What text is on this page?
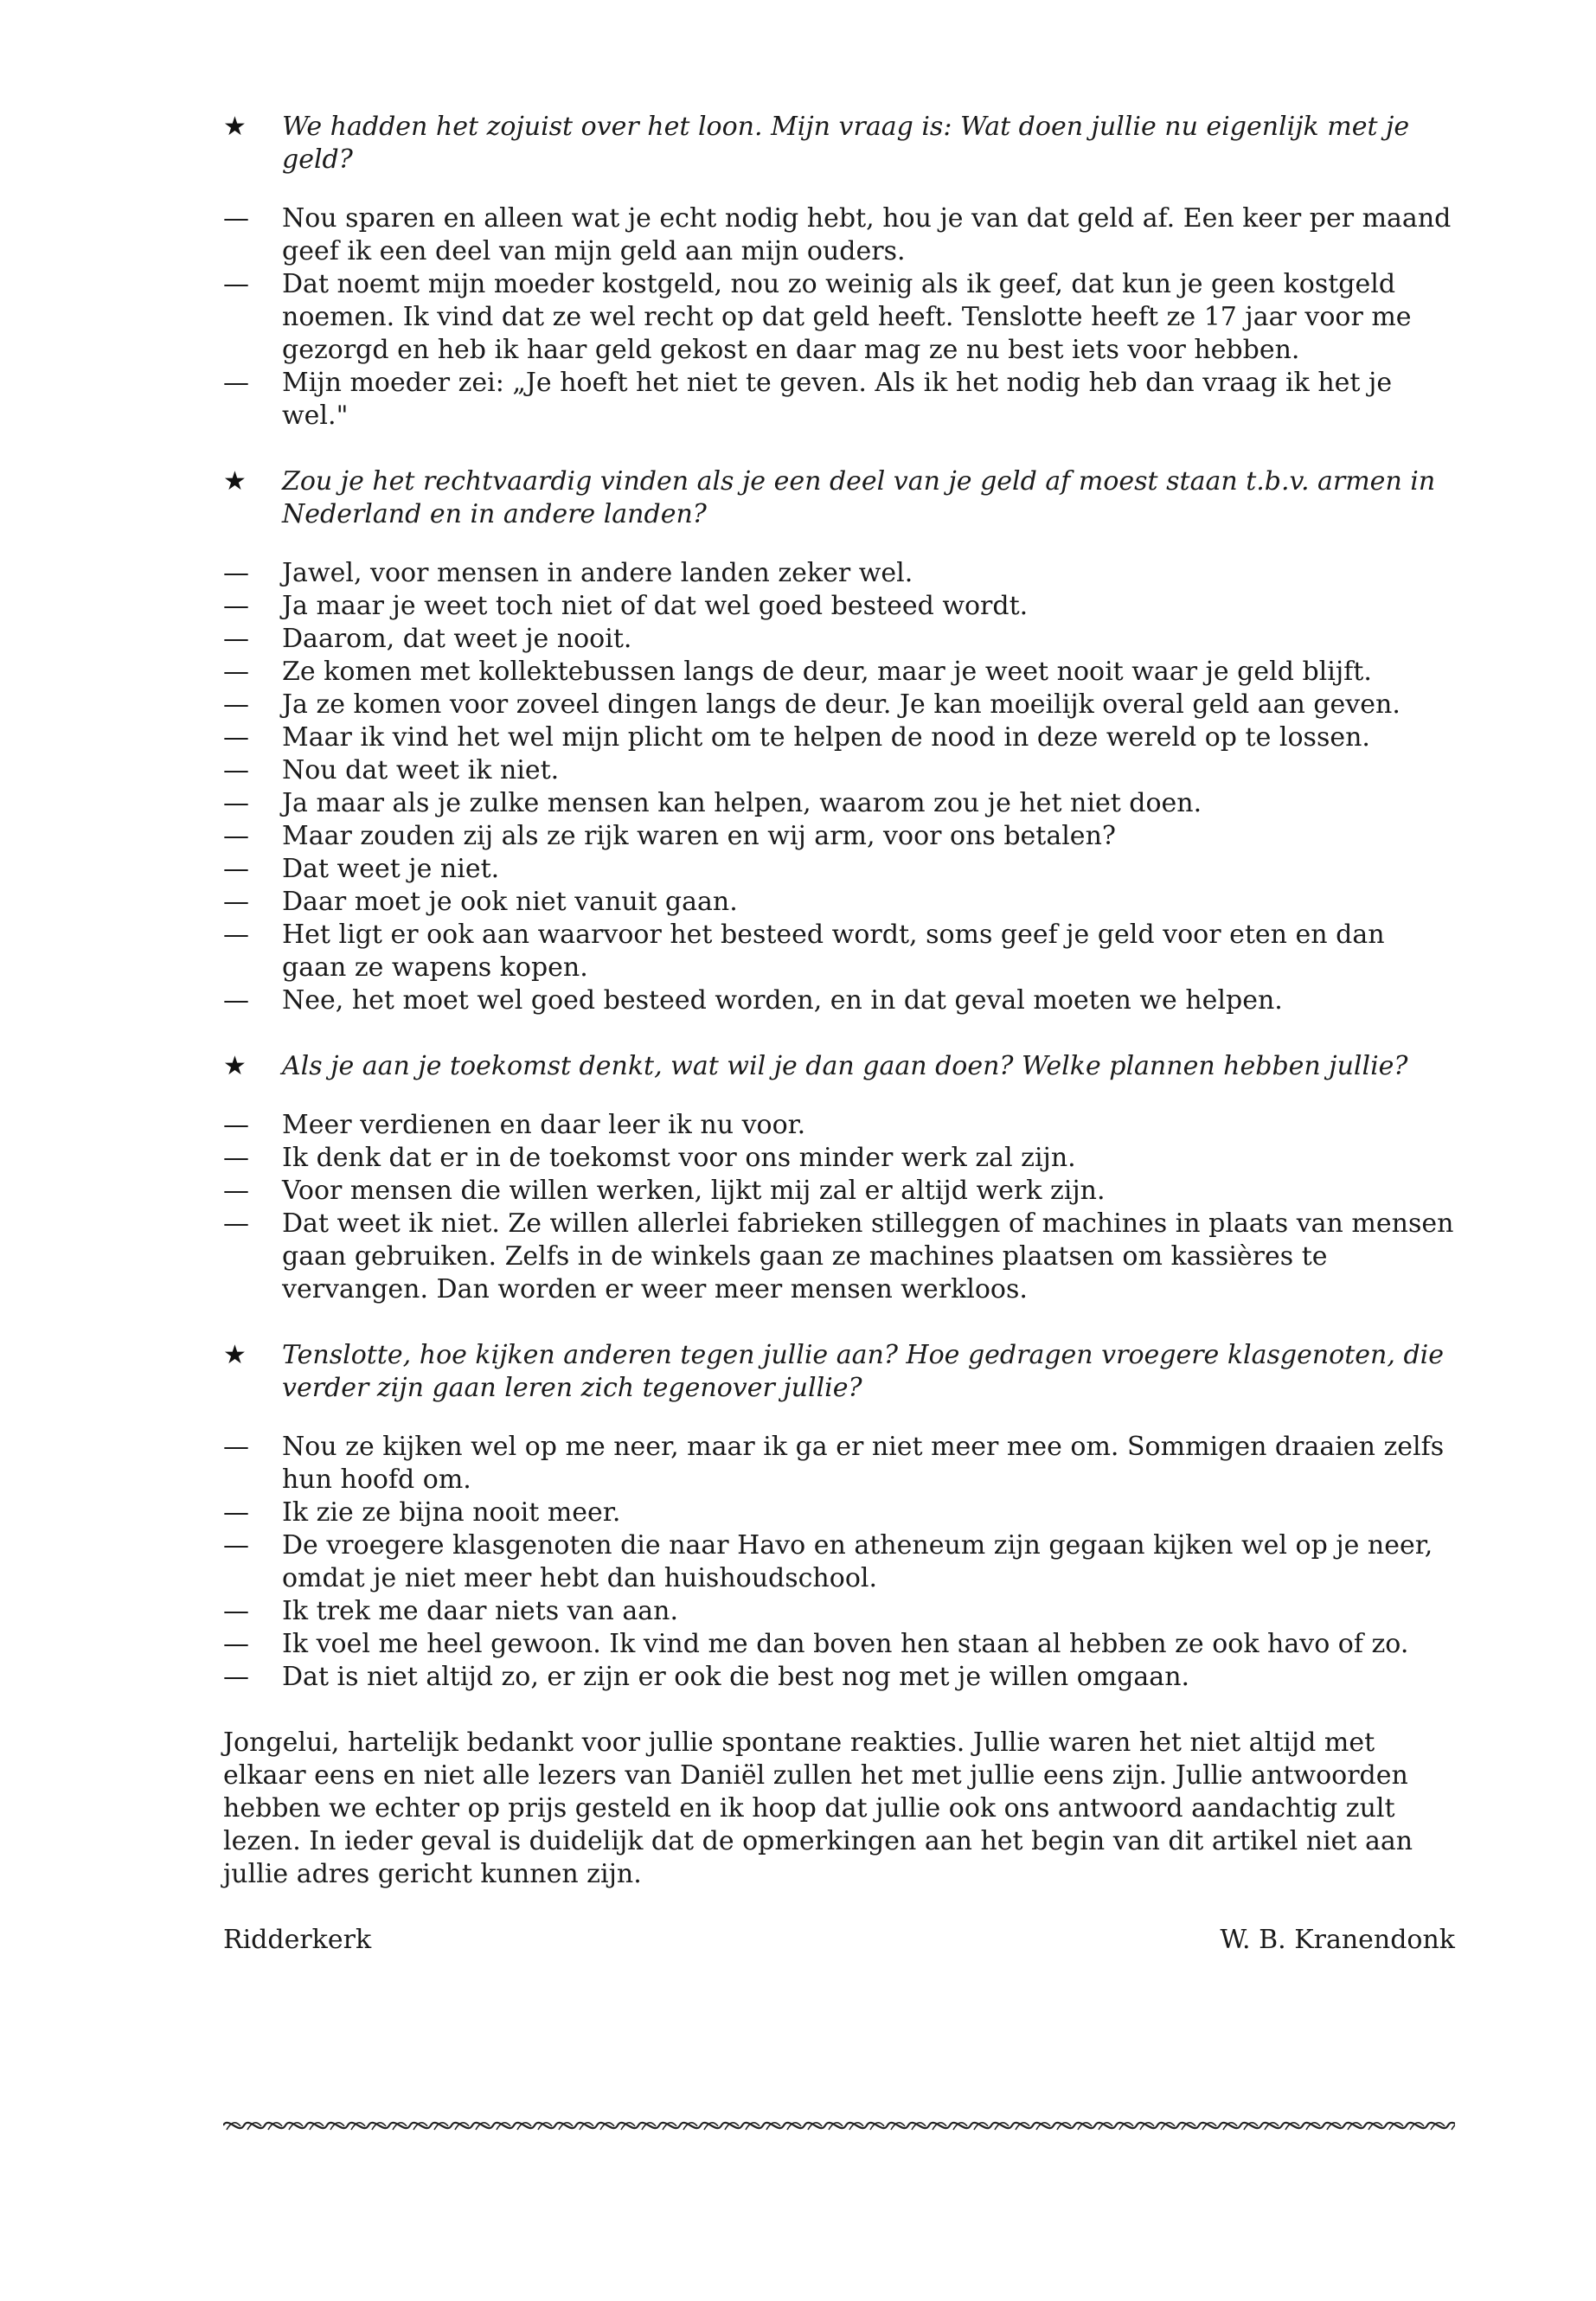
★	We hadden het zojuist over het loon. Mijn vraag is: Wat doen jullie nu eigenlijk met je geld?
—	Nou sparen en alleen wat je echt nodig hebt, hou je van dat geld af. Een keer per maand geef ik een deel van mijn geld aan mijn ouders.
—	Dat noemt mijn moeder kostgeld, nou zo weinig als ik geef, dat kun je geen kostgeld noemen. Ik vind dat ze wel recht op dat geld heeft. Tenslotte heeft ze 17 jaar voor me gezorgd en heb ik haar geld gekost en daar mag ze nu best iets voor hebben.
—	Mijn moeder zei: „Je hoeft het niet te geven. Als ik het nodig heb dan vraag ik het je wel."
★	Zou je het rechtvaardig vinden als je een deel van je geld af moest staan t.b.v. armen in Nederland en in andere landen?
—	Jawel, voor mensen in andere landen zeker wel.
—	Ja maar je weet toch niet of dat wel goed besteed wordt.
—	Daarom, dat weet je nooit.
—	Ze komen met kollektebussen langs de deur, maar je weet nooit waar je geld blijft.
—	Ja ze komen voor zoveel dingen langs de deur. Je kan moeilijk overal geld aan geven.
—	Maar ik vind het wel mijn plicht om te helpen de nood in deze wereld op te lossen.
—	Nou dat weet ik niet.
—	Ja maar als je zulke mensen kan helpen, waarom zou je het niet doen.
—	Maar zouden zij als ze rijk waren en wij arm, voor ons betalen?
—	Dat weet je niet.
—	Daar moet je ook niet vanuit gaan.
—	Het ligt er ook aan waarvoor het besteed wordt, soms geef je geld voor eten en dan gaan ze wapens kopen.
—	Nee, het moet wel goed besteed worden, en in dat geval moeten we helpen.
★	Als je aan je toekomst denkt, wat wil je dan gaan doen? Welke plannen hebben jullie?
—	Meer verdienen en daar leer ik nu voor.
—	Ik denk dat er in de toekomst voor ons minder werk zal zijn.
—	Voor mensen die willen werken, lijkt mij zal er altijd werk zijn.
—	Dat weet ik niet. Ze willen allerlei fabrieken stilleggen of machines in plaats van mensen gaan gebruiken. Zelfs in de winkels gaan ze machines plaatsen om kassières te vervangen. Dan worden er weer meer mensen werkloos.
★	Tenslotte, hoe kijken anderen tegen jullie aan? Hoe gedragen vroegere klasgenoten, die verder zijn gaan leren zich tegenover jullie?
—	Nou ze kijken wel op me neer, maar ik ga er niet meer mee om. Sommigen draaien zelfs hun hoofd om.
—	Ik zie ze bijna nooit meer.
—	De vroegere klasgenoten die naar Havo en atheneum zijn gegaan kijken wel op je neer, omdat je niet meer hebt dan huishoudschool.
—	Ik trek me daar niets van aan.
—	Ik voel me heel gewoon. Ik vind me dan boven hen staan al hebben ze ook havo of zo.
—	Dat is niet altijd zo, er zijn er ook die best nog met je willen omgaan.

Jongelui, hartelijk bedankt voor jullie spontane reakties. Jullie waren het niet altijd met elkaar eens en niet alle lezers van Daniël zullen het met jullie eens zijn. Jullie antwoorden hebben we echter op prijs gesteld en ik hoop dat jullie ook ons antwoord aandachtig zult lezen. In ieder geval is duidelijk dat de opmerkingen aan het begin van dit artikel niet aan jullie adres gericht kunnen zijn.

Ridderkerk	W. B. Kranendonk
